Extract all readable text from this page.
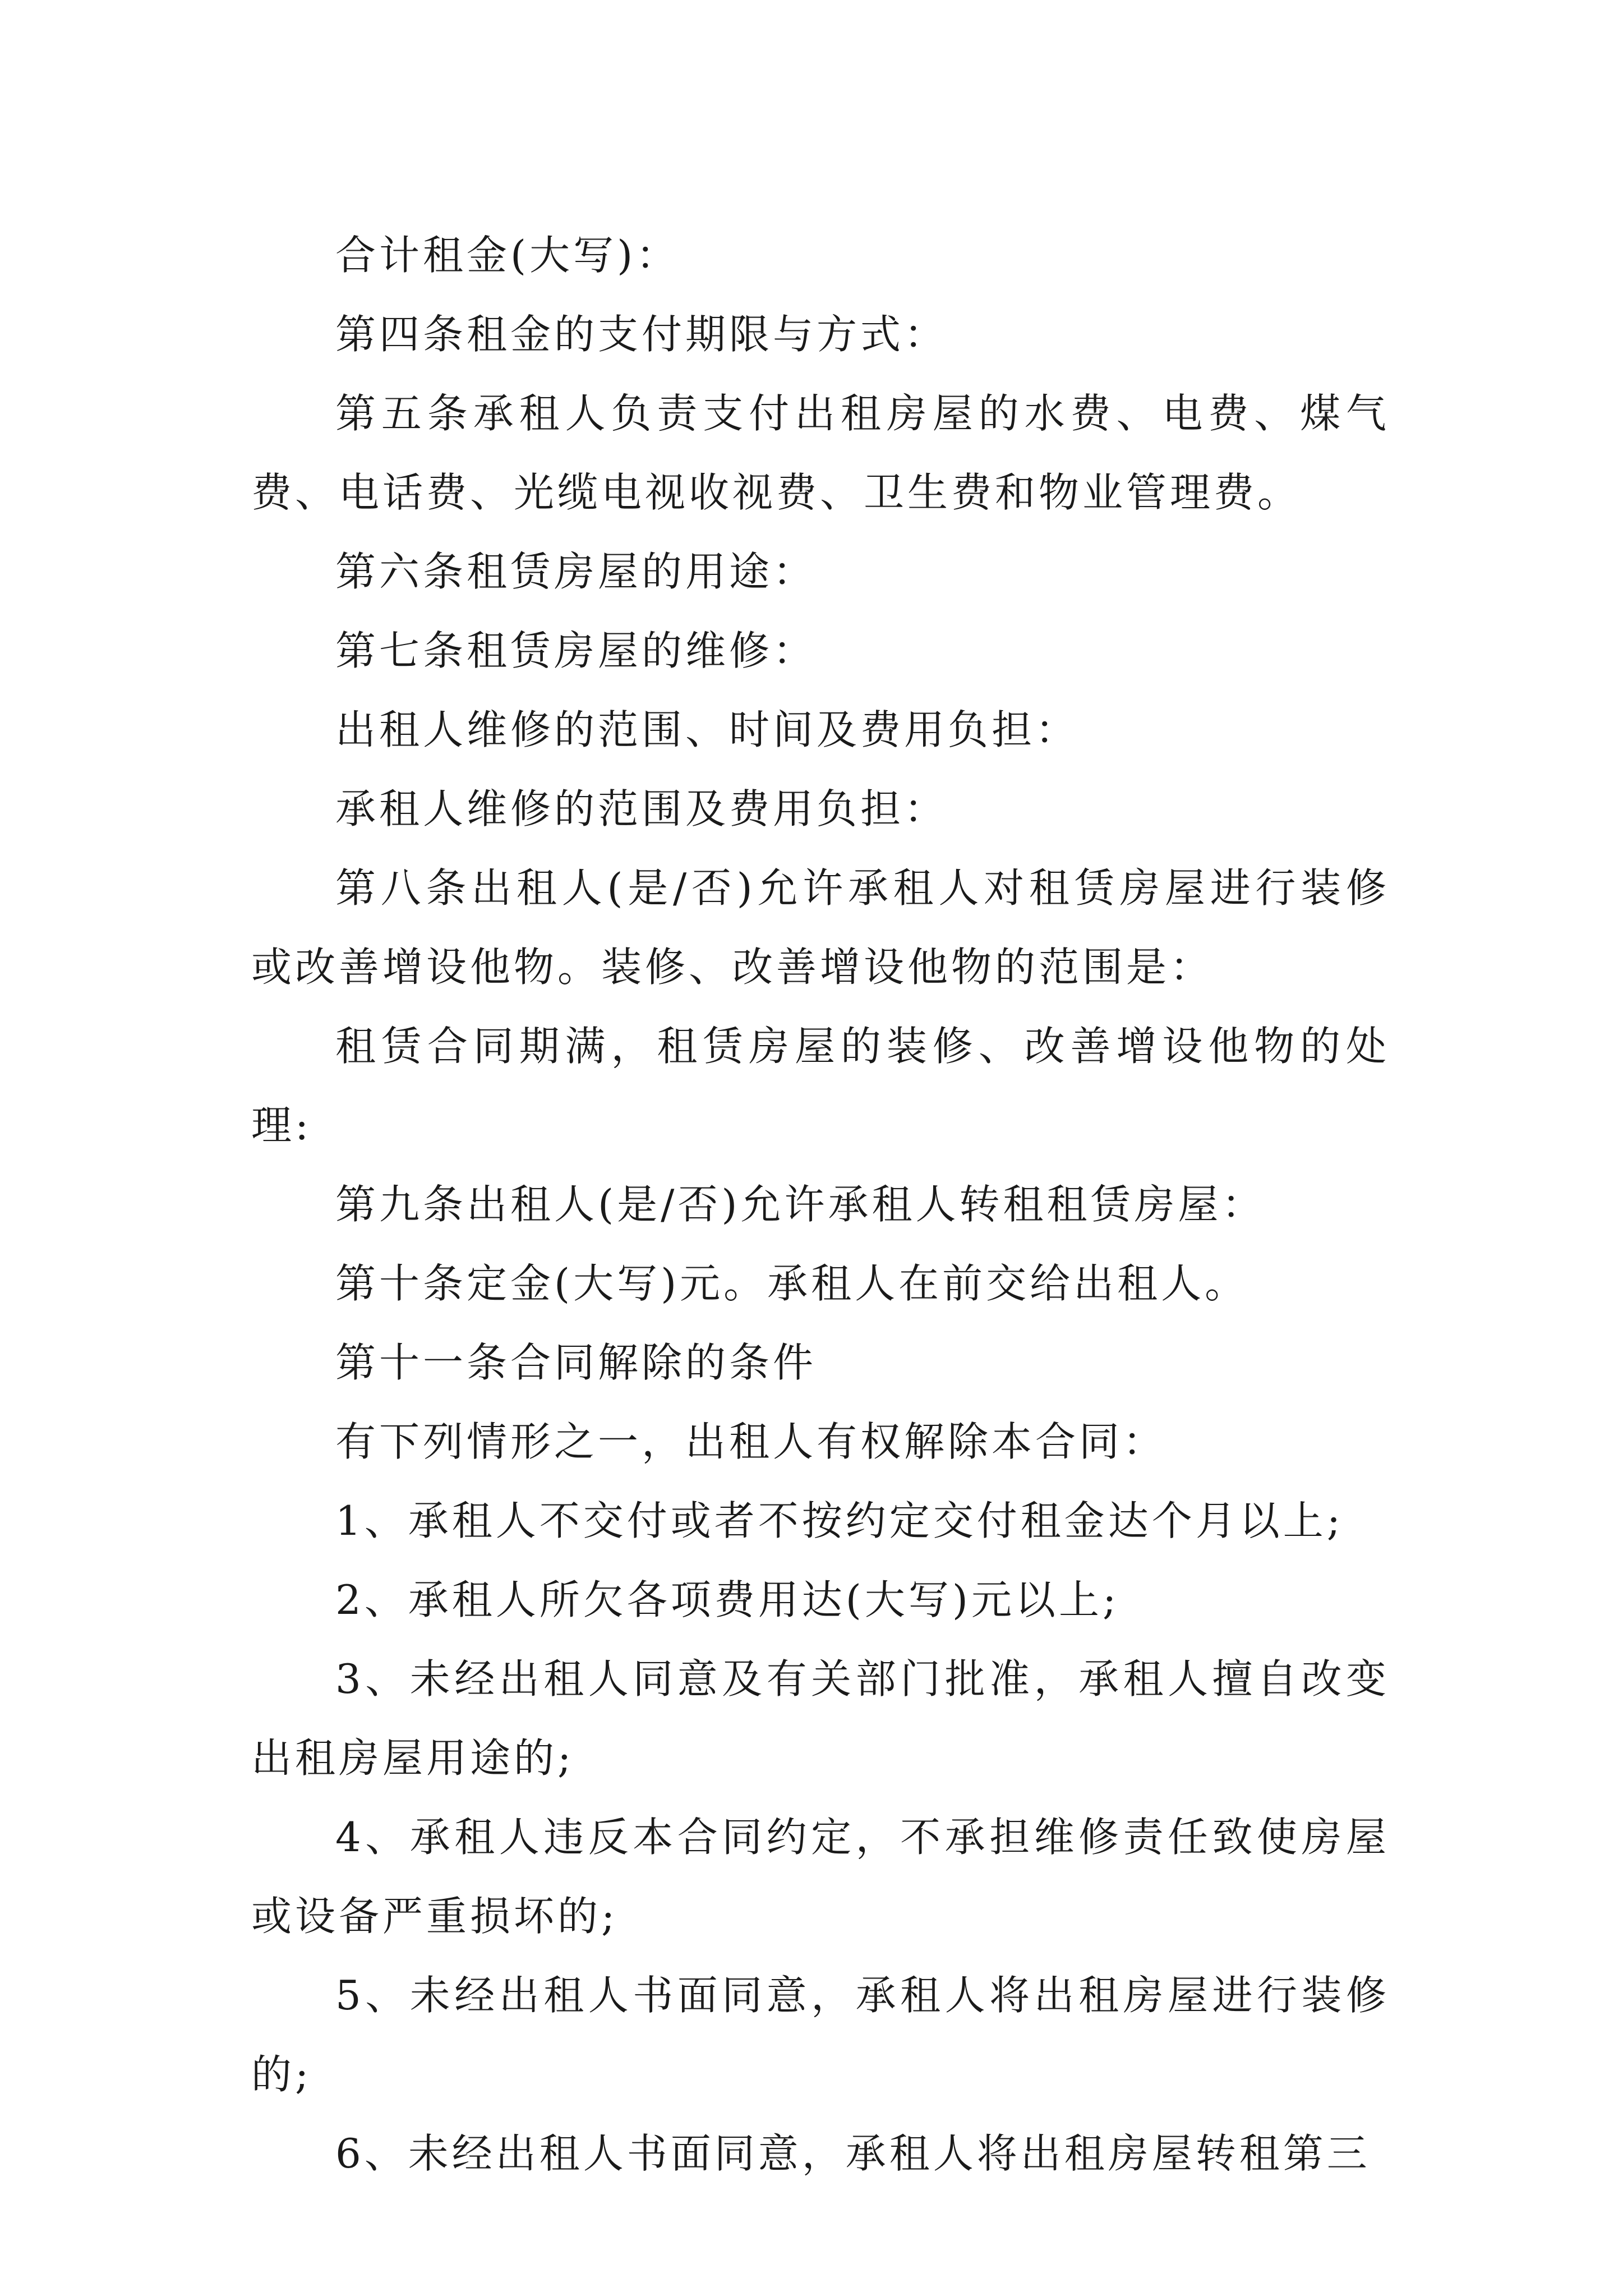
合计租金(大写)：

第四条租金的支付期限与方式：

第五条承租人负责支付出租房屋的水费、电费、煤气费、电话费、光缆电视收视费、卫生费和物业管理费。

第六条租赁房屋的用途：

第七条租赁房屋的维修：

出租人维修的范围、时间及费用负担：

承租人维修的范围及费用负担：

第八条出租人(是/否)允许承租人对租赁房屋进行装修或改善增设他物。装修、改善增设他物的范围是：

租赁合同期满，租赁房屋的装修、改善增设他物的处理:

第九条出租人(是/否)允许承租人转租租赁房屋：

第十条定金(大写)元。承租人在前交给出租人。

第十一条合同解除的条件

有下列情形之一，出租人有权解除本合同：

1、承租人不交付或者不按约定交付租金达个月以上;

2、承租人所欠各项费用达(大写)元以上;

3、未经出租人同意及有关部门批准，承租人擅自改变出租房屋用途的;

4、承租人违反本合同约定，不承担维修责任致使房屋或设备严重损坏的;

5、未经出租人书面同意，承租人将出租房屋进行装修的;

6、未经出租人书面同意，承租人将出租房屋转租第三
